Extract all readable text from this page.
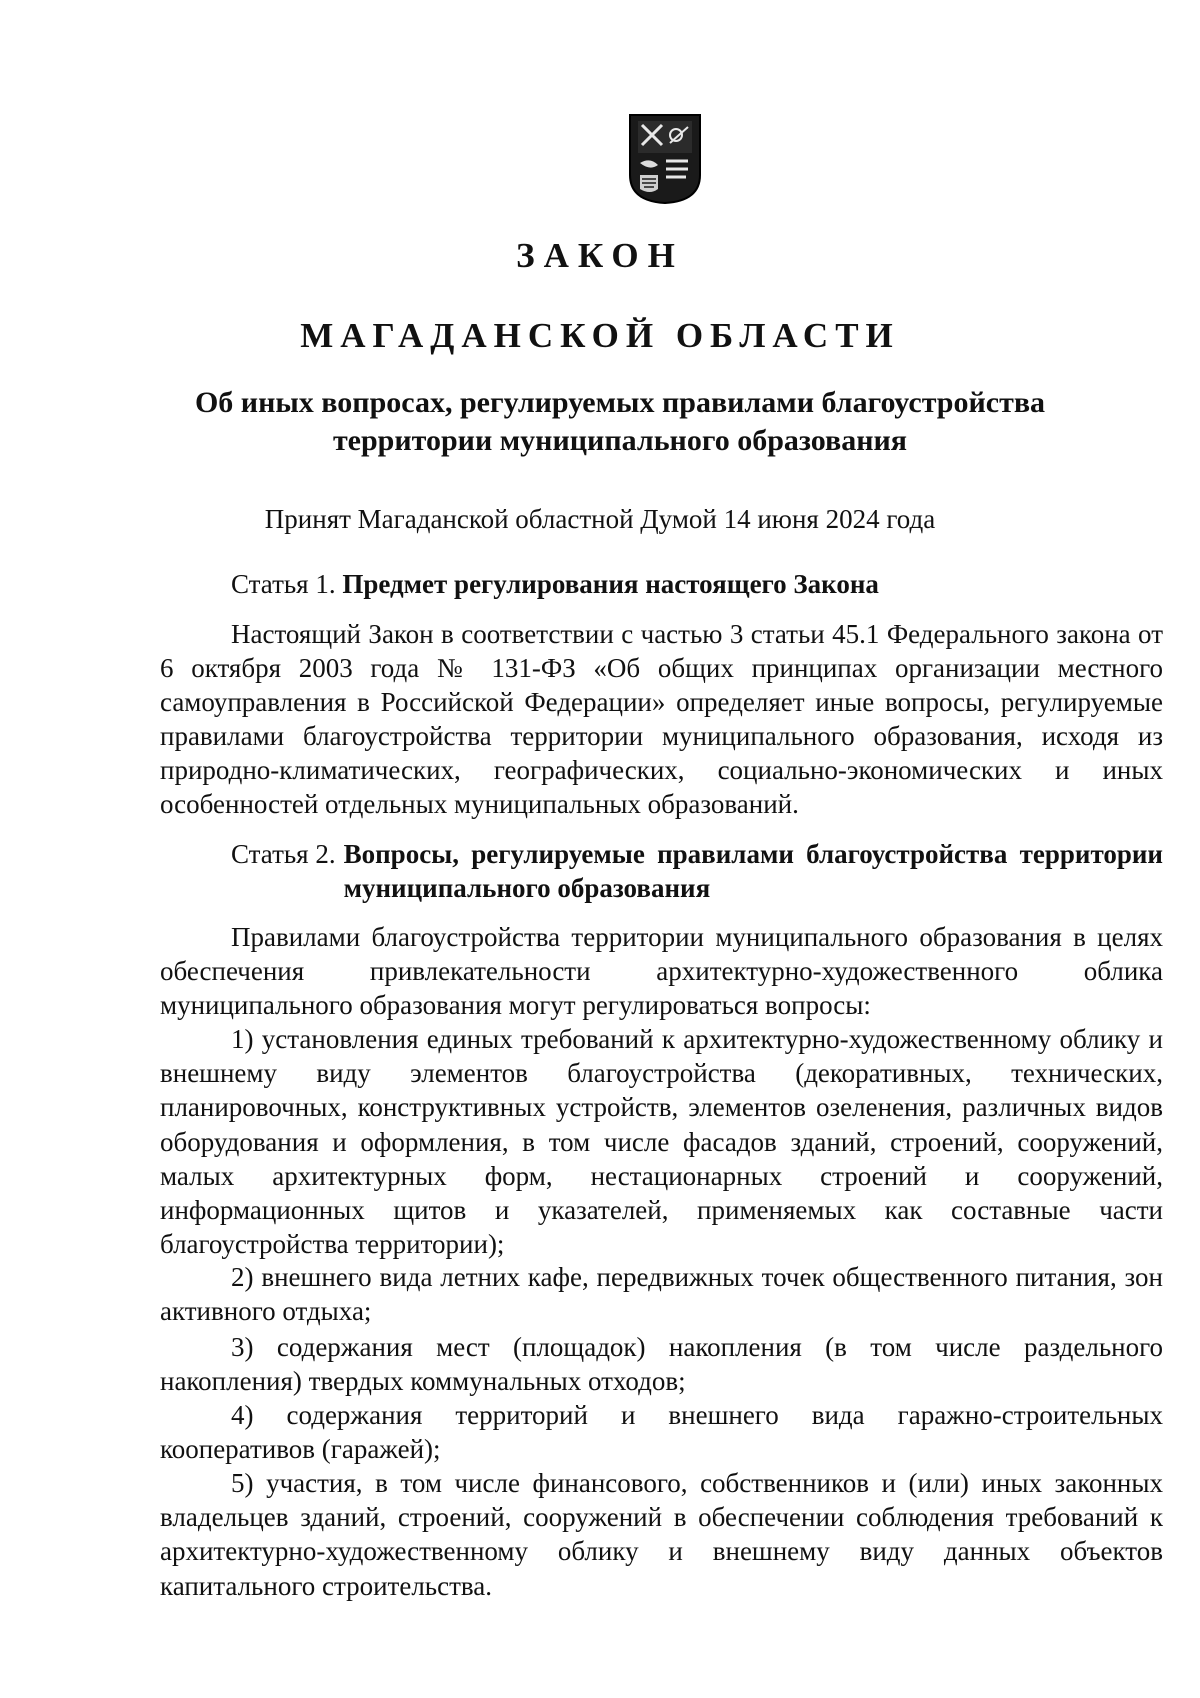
ЗАКОН
МАГАДАНСКОЙ ОБЛАСТИ
Об иных вопросах, регулируемых правилами благоустройства территории муниципального образования
Принят Магаданской областной Думой 14 июня 2024 года
Статья 1. Предмет регулирования настоящего Закона

Настоящий Закон в соответствии с частью 3 статьи 45.1 Федерального закона от 6 октября 2003 года № 131-ФЗ «Об общих принципах организации местного самоуправления в Российской Федерации» определяет иные вопросы, регулируемые правилами благоустройства территории муниципального образования, исходя из природно-климатических, географических, социально-экономических и иных особенностей отдельных муниципальных образований.

Статья 2. Вопросы, регулируемые правилами благоустройства территории муниципального образования

Правилами благоустройства территории муниципального образования в целях обеспечения привлекательности архитектурно-художественного облика муниципального образования могут регулироваться вопросы:

1) установления единых требований к архитектурно-художественному облику и внешнему виду элементов благоустройства (декоративных, технических, планировочных, конструктивных устройств, элементов озеленения, различных видов оборудования и оформления, в том числе фасадов зданий, строений, сооружений, малых архитектурных форм, нестационарных строений и сооружений, информационных щитов и указателей, применяемых как составные части благоустройства территории);

2) внешнего вида летних кафе, передвижных точек общественного питания, зон активного отдыха;

3) содержания мест (площадок) накопления (в том числе раздельного накопления) твердых коммунальных отходов;

4) содержания территорий и внешнего вида гаражно-строительных кооперативов (гаражей);

5) участия, в том числе финансового, собственников и (или) иных законных владельцев зданий, строений, сооружений в обеспечении соблюдения требований к архитектурно-художественному облику и внешнему виду данных объектов капитального строительства.
